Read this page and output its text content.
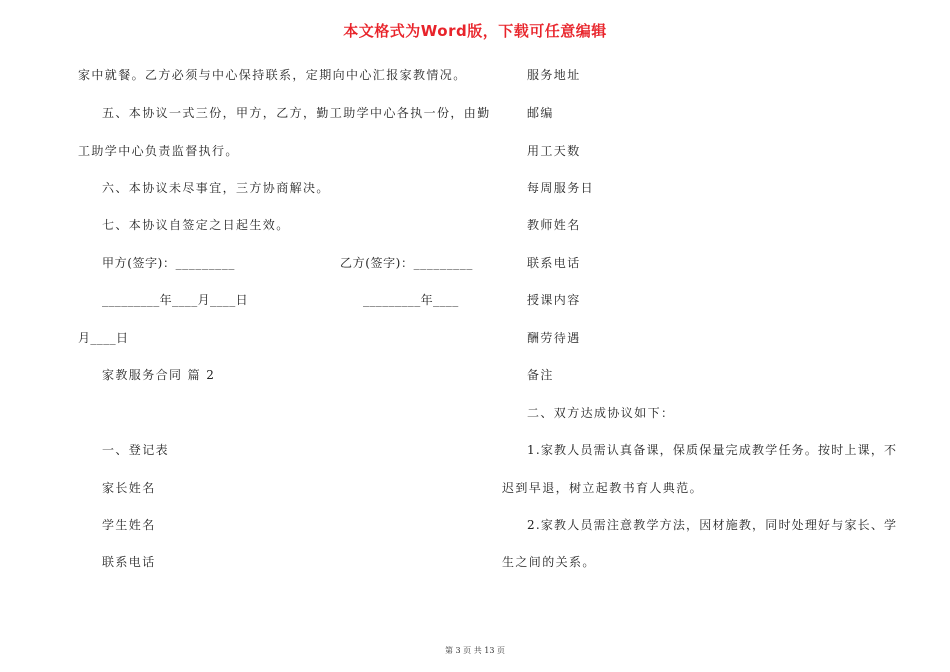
本文格式为Word版，下载可任意编辑
家中就餐。乙方必须与中心保持联系，定期向中心汇报家教情况。
五、本协议一式三份，甲方，乙方，勤工助学中心各执一份，由勤
工助学中心负责监督执行。
六、本协议未尽事宜，三方协商解决。
七、本协议自签定之日起生效。
甲方(签字)：_________	乙方(签字)：_________
_________年____月____日	_________年____
月____日
家教服务合同 篇 2
一、登记表
家长姓名
学生姓名
联系电话
服务地址
邮编
用工天数
每周服务日
教师姓名
联系电话
授课内容
酬劳待遇
备注
二、双方达成协议如下：
1.家教人员需认真备课，保质保量完成教学任务。按时上课，不
迟到早退，树立起教书育人典范。
2.家教人员需注意教学方法，因材施教，同时处理好与家长、学
生之间的关系。
第 3 页 共 13 页
